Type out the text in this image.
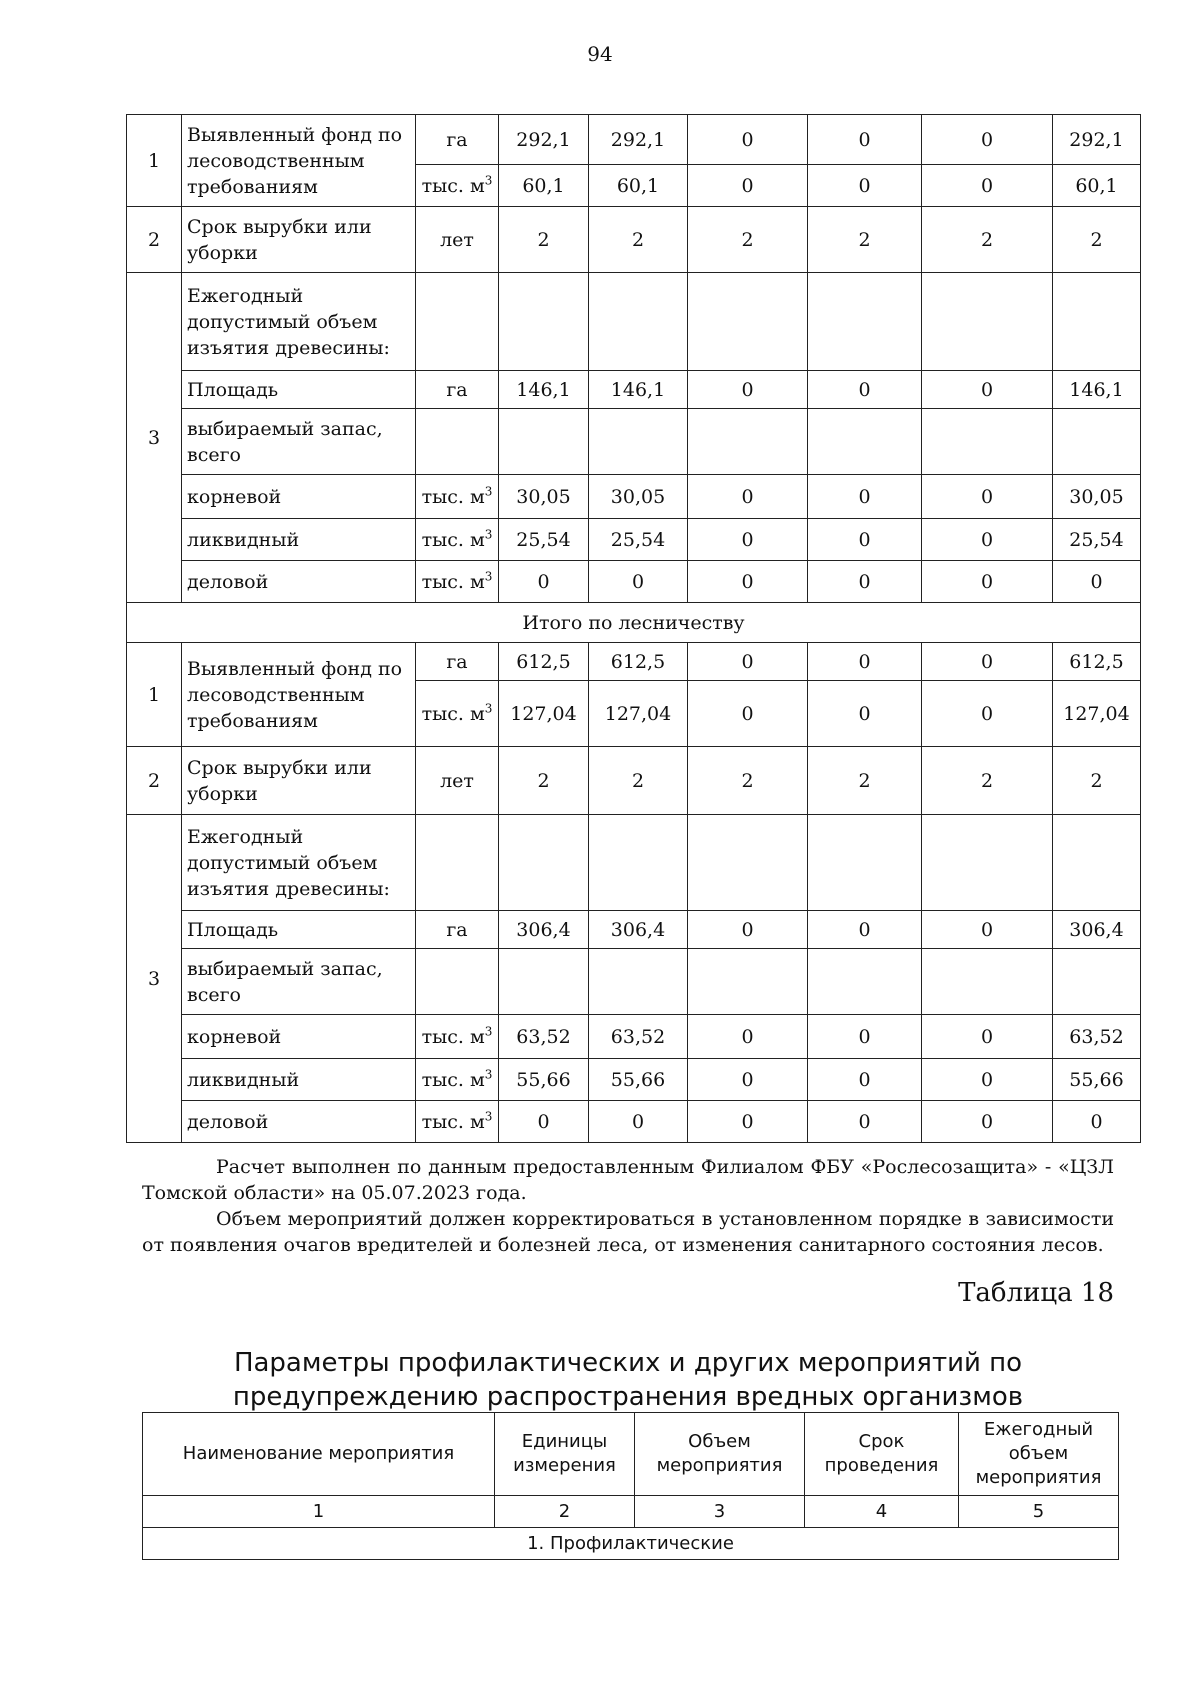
94
1	Выявленный фонд по лесоводственным требованиям	га	292,1	292,1	0	0	0	292,1
		тыс. $м^3$	60,1	60,1	0	0	0	60,1
2	Срок вырубки или уборки	лет	2	2	2	2	2	2
3	Ежегодный допустимый объем изъятия древесины:							
	Площадь	га	146,1	146,1	0	0	0	146,1
	выбираемый запас, всего							
	корневой	тыс. $м^3$	30,05	30,05	0	0	0	30,05
	ликвидный	тыс. $м^3$	25,54	25,54	0	0	0	25,54
	деловой	тыс. $м^3$	0	0	0	0	0	0
Итого по лесничеству								
1	Выявленный фонд по лесоводственным требованиям	га	612,5	612,5	0	0	0	612,5
		тыс. $м^3$	127,04	127,04	0	0	0	127,04
2	Срок вырубки или уборки	лет	2	2	2	2	2	2
3	Ежегодный допустимый объем изъятия древесины:							
	Площадь	га	306,4	306,4	0	0	0	306,4
	выбираемый запас, всего							
	корневой	тыс. $м^3$	63,52	63,52	0	0	0	63,52
	ликвидный	тыс. $м^3$	55,66	55,66	0	0	0	55,66
	деловой	тыс. $м^3$	0	0	0	0	0	0
Расчет выполнен по данным предоставленным Филиалом ФБУ «Рослесозащита» - «ЦЗЛ Томской области» на 05.07.2023 года.
Объем мероприятий должен корректироваться в установленном порядке в зависимости от появления очагов вредителей и болезней леса, от изменения санитарного состояния лесов.
Таблица 18
Параметры профилактических и других мероприятий по
предупреждению распространения вредных организмов
Наименование мероприятия	Единицы измерения	Объем мероприятия	Срок проведения	Ежегодный объем мероприятия
1	2	3	4	5
1. Профилактические				
